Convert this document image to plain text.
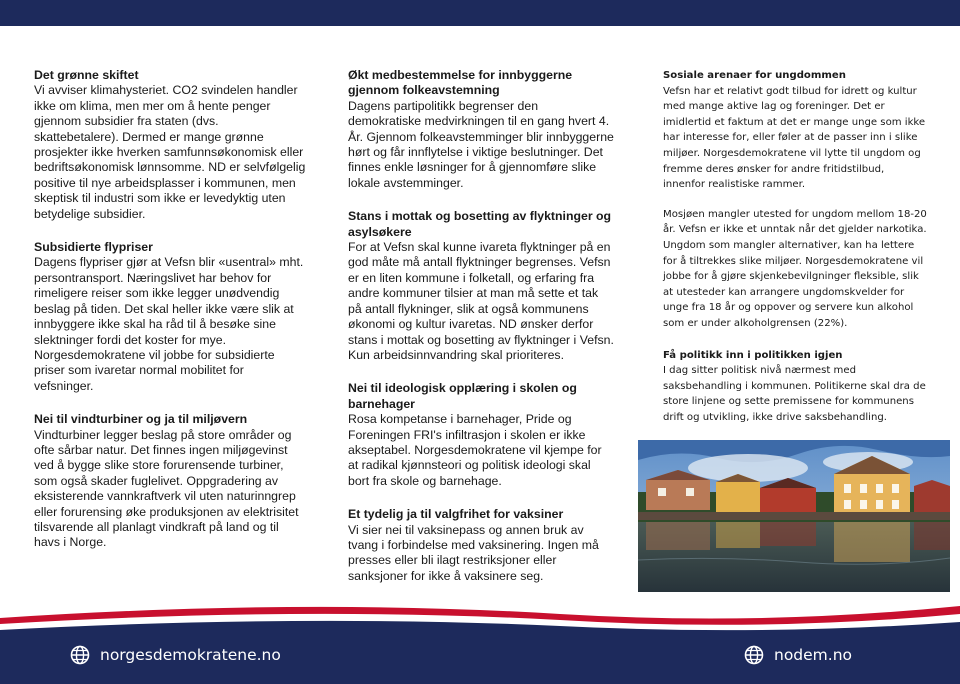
Det grønne skiftet

Vi avviser klimahysteriet. CO2 svindelen handler ikke om klima, men mer om å hente penger gjennom subsidier fra staten (dvs. skattebetalere). Dermed er mange grønne prosjekter ikke hverken samfunnsøkonomisk eller bedriftsøkonomisk lønnsomme. ND er selvfølgelig positive til nye arbeidsplasser i kommunen, men skeptisk til industri som ikke er levedyktig uten betydelige subsidier.

Subsidierte flypriser

Dagens flypriser gjør at Vefsn blir «usentral» mht. persontransport. Næringslivet har behov for rimeligere reiser som ikke legger unødvendig beslag på tiden. Det skal heller ikke være slik at innbyggere ikke skal ha råd til å besøke sine slektninger fordi det koster for mye. Norgesdemokratene vil jobbe for subsidierte priser som ivaretar normal mobilitet for vefsninger.

Nei til vindturbiner og ja til miljøvern

Vindturbiner legger beslag på store områder og ofte sårbar natur. Det finnes ingen miljøgevinst ved å bygge slike store forurensende turbiner, som også skader fuglelivet. Oppgradering av eksisterende vannkraftverk vil uten naturinngrep eller forurensing øke produksjonen av elektrisitet tilsvarende all planlagt vindkraft på land og til havs i Norge.

Økt medbestemmelse for innbyggerne gjennom folkeavstemning

Dagens partipolitikk begrenser den demokratiske medvirkningen til en gang hvert 4. År. Gjennom folkeavstemminger blir innbyggerne hørt og får innflytelse i viktige beslutninger. Det finnes enkle løsninger for å gjennomføre slike lokale avstemminger.

Stans i mottak og bosetting av flyktninger og asylsøkere

For at Vefsn skal kunne ivareta flyktninger på en god måte må antall flyktninger begrenses. Vefsn er en liten kommune i folketall, og erfaring fra andre kommuner tilsier at man må sette et tak på antall flykninger, slik at også kommunens økonomi og kultur ivaretas. ND ønsker derfor stans i mottak og bosetting av flyktninger i Vefsn. Kun arbeidsinnvandring skal prioriteres.

Nei til ideologisk opplæring i skolen og barnehager

Rosa kompetanse i barnehager, Pride og Foreningen FRI's infiltrasjon i skolen er ikke akseptabel. Norgesdemokratene vil kjempe for at radikal kjønnsteori og politisk ideologi skal bort fra skole og barnehage.

Et tydelig ja til valgfrihet for vaksiner

Vi sier nei til vaksinepass og annen bruk av tvang i forbindelse med vaksinering. Ingen må presses eller bli ilagt restriksjoner eller sanksjoner for ikke å vaksinere seg.

Sosiale arenaer for ungdommen

Vefsn har et relativt godt tilbud for idrett og kultur med mange aktive lag og foreninger. Det er imidlertid et faktum at det er mange unge som ikke har interesse for, eller føler at de passer inn i slike miljøer. Norgesdemokratene vil lytte til ungdom og fremme deres ønsker for andre fritidstilbud, innenfor realistiske rammer.

Mosjøen mangler utested for ungdom mellom 18-20 år. Vefsn er ikke et unntak når det gjelder narkotika. Ungdom som mangler alternativer, kan ha lettere for å tiltrekkes slike miljøer. Norgesdemokratene vil jobbe for å gjøre skjenkebevilgninger fleksible, slik at utesteder kan arrangere ungdomskvelder for unge fra 18 år og oppover og servere kun alkohol som er under alkoholgrensen (22%).

Få politikk inn i politikken igjen

I dag sitter politisk nivå nærmest med saksbehandling i kommunen. Politikerne skal dra de store linjene og sette premissene for kommunens drift og utvikling, ikke drive saksbehandling.

norgesdemokratene.no	nodem.no
